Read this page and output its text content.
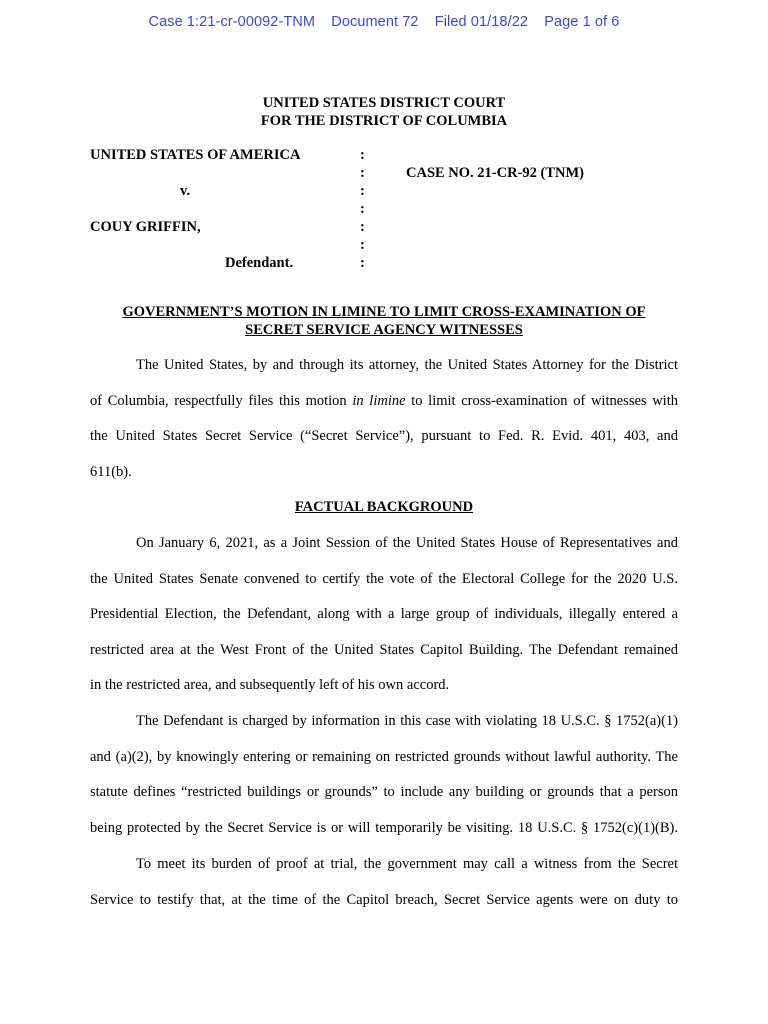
Case 1:21-cr-00092-TNM Document 72 Filed 01/18/22 Page 1 of 6
UNITED STATES DISTRICT COURT
FOR THE DISTRICT OF COLUMBIA
UNITED STATES OF AMERICA
CASE NO. 21-CR-92 (TNM)
v.
COUY GRIFFIN,
Defendant.
:
:
:
:
:
:
:
GOVERNMENT’S MOTION IN LIMINE TO LIMIT CROSS-EXAMINATION OF
SECRET SERVICE AGENCY WITNESSES
The United States, by and through its attorney, the United States Attorney for the District
of Columbia, respectfully files this motion in limine to limit cross-examination of witnesses with
the United States Secret Service (“Secret Service”), pursuant to Fed. R. Evid. 401, 403, and
611(b).
FACTUAL BACKGROUND
On January 6, 2021, as a Joint Session of the United States House of Representatives and
the United States Senate convened to certify the vote of the Electoral College for the 2020 U.S.
Presidential Election, the Defendant, along with a large group of individuals, illegally entered a
restricted area at the West Front of the United States Capitol Building. The Defendant remained
in the restricted area, and subsequently left of his own accord.
The Defendant is charged by information in this case with violating 18 U.S.C. § 1752(a)(1)
and (a)(2), by knowingly entering or remaining on restricted grounds without lawful authority. The
statute defines “restricted buildings or grounds” to include any building or grounds that a person
being protected by the Secret Service is or will temporarily be visiting. 18 U.S.C. § 1752(c)(1)(B).
To meet its burden of proof at trial, the government may call a witness from the Secret
Service to testify that, at the time of the Capitol breach, Secret Service agents were on duty to
